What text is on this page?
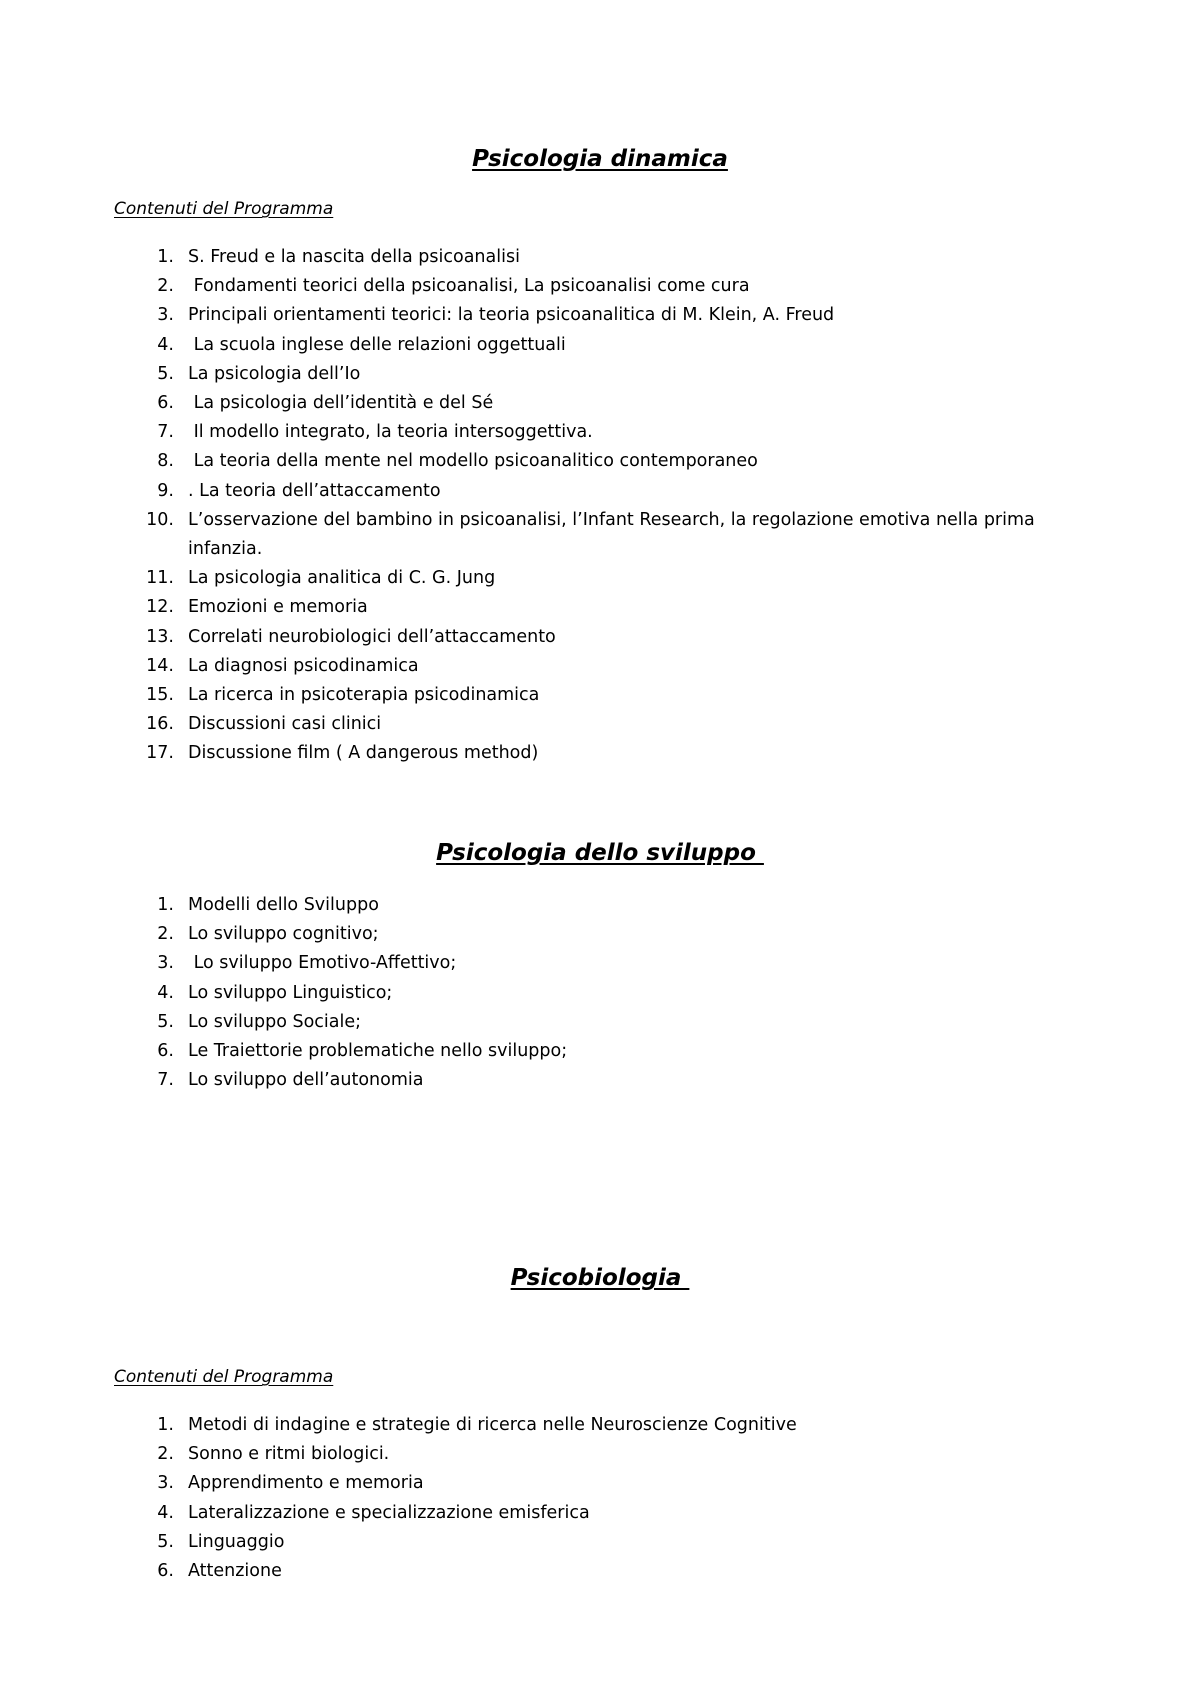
Psicologia dinamica
Contenuti del Programma
1. S. Freud e la nascita della psicoanalisi
2. Fondamenti teorici della psicoanalisi, La psicoanalisi come cura
3. Principali orientamenti teorici: la teoria psicoanalitica di M. Klein, A. Freud
4. La scuola inglese delle relazioni oggettuali
5. La psicologia dell’Io
6. La psicologia dell’identità e del Sé
7. Il modello integrato, la teoria intersoggettiva.
8. La teoria della mente nel modello psicoanalitico contemporaneo
9. . La teoria dell’attaccamento
10. L’osservazione del bambino in psicoanalisi, l’Infant Research, la regolazione emotiva nella prima infanzia.
11. La psicologia analitica di C. G. Jung
12. Emozioni e memoria
13. Correlati neurobiologici dell’attaccamento
14. La diagnosi psicodinamica
15. La ricerca in psicoterapia psicodinamica
16. Discussioni casi clinici
17. Discussione film ( A dangerous method)
Psicologia dello sviluppo
1. Modelli dello Sviluppo
2. Lo sviluppo cognitivo;
3. Lo sviluppo Emotivo-Affettivo;
4. Lo sviluppo Linguistico;
5. Lo sviluppo Sociale;
6. Le Traiettorie problematiche nello sviluppo;
7. Lo sviluppo dell’autonomia
Psicobiologia
Contenuti del Programma
1. Metodi di indagine e strategie di ricerca nelle Neuroscienze Cognitive
2. Sonno e ritmi biologici.
3. Apprendimento e memoria
4. Lateralizzazione e specializzazione emisferica
5. Linguaggio
6. Attenzione
